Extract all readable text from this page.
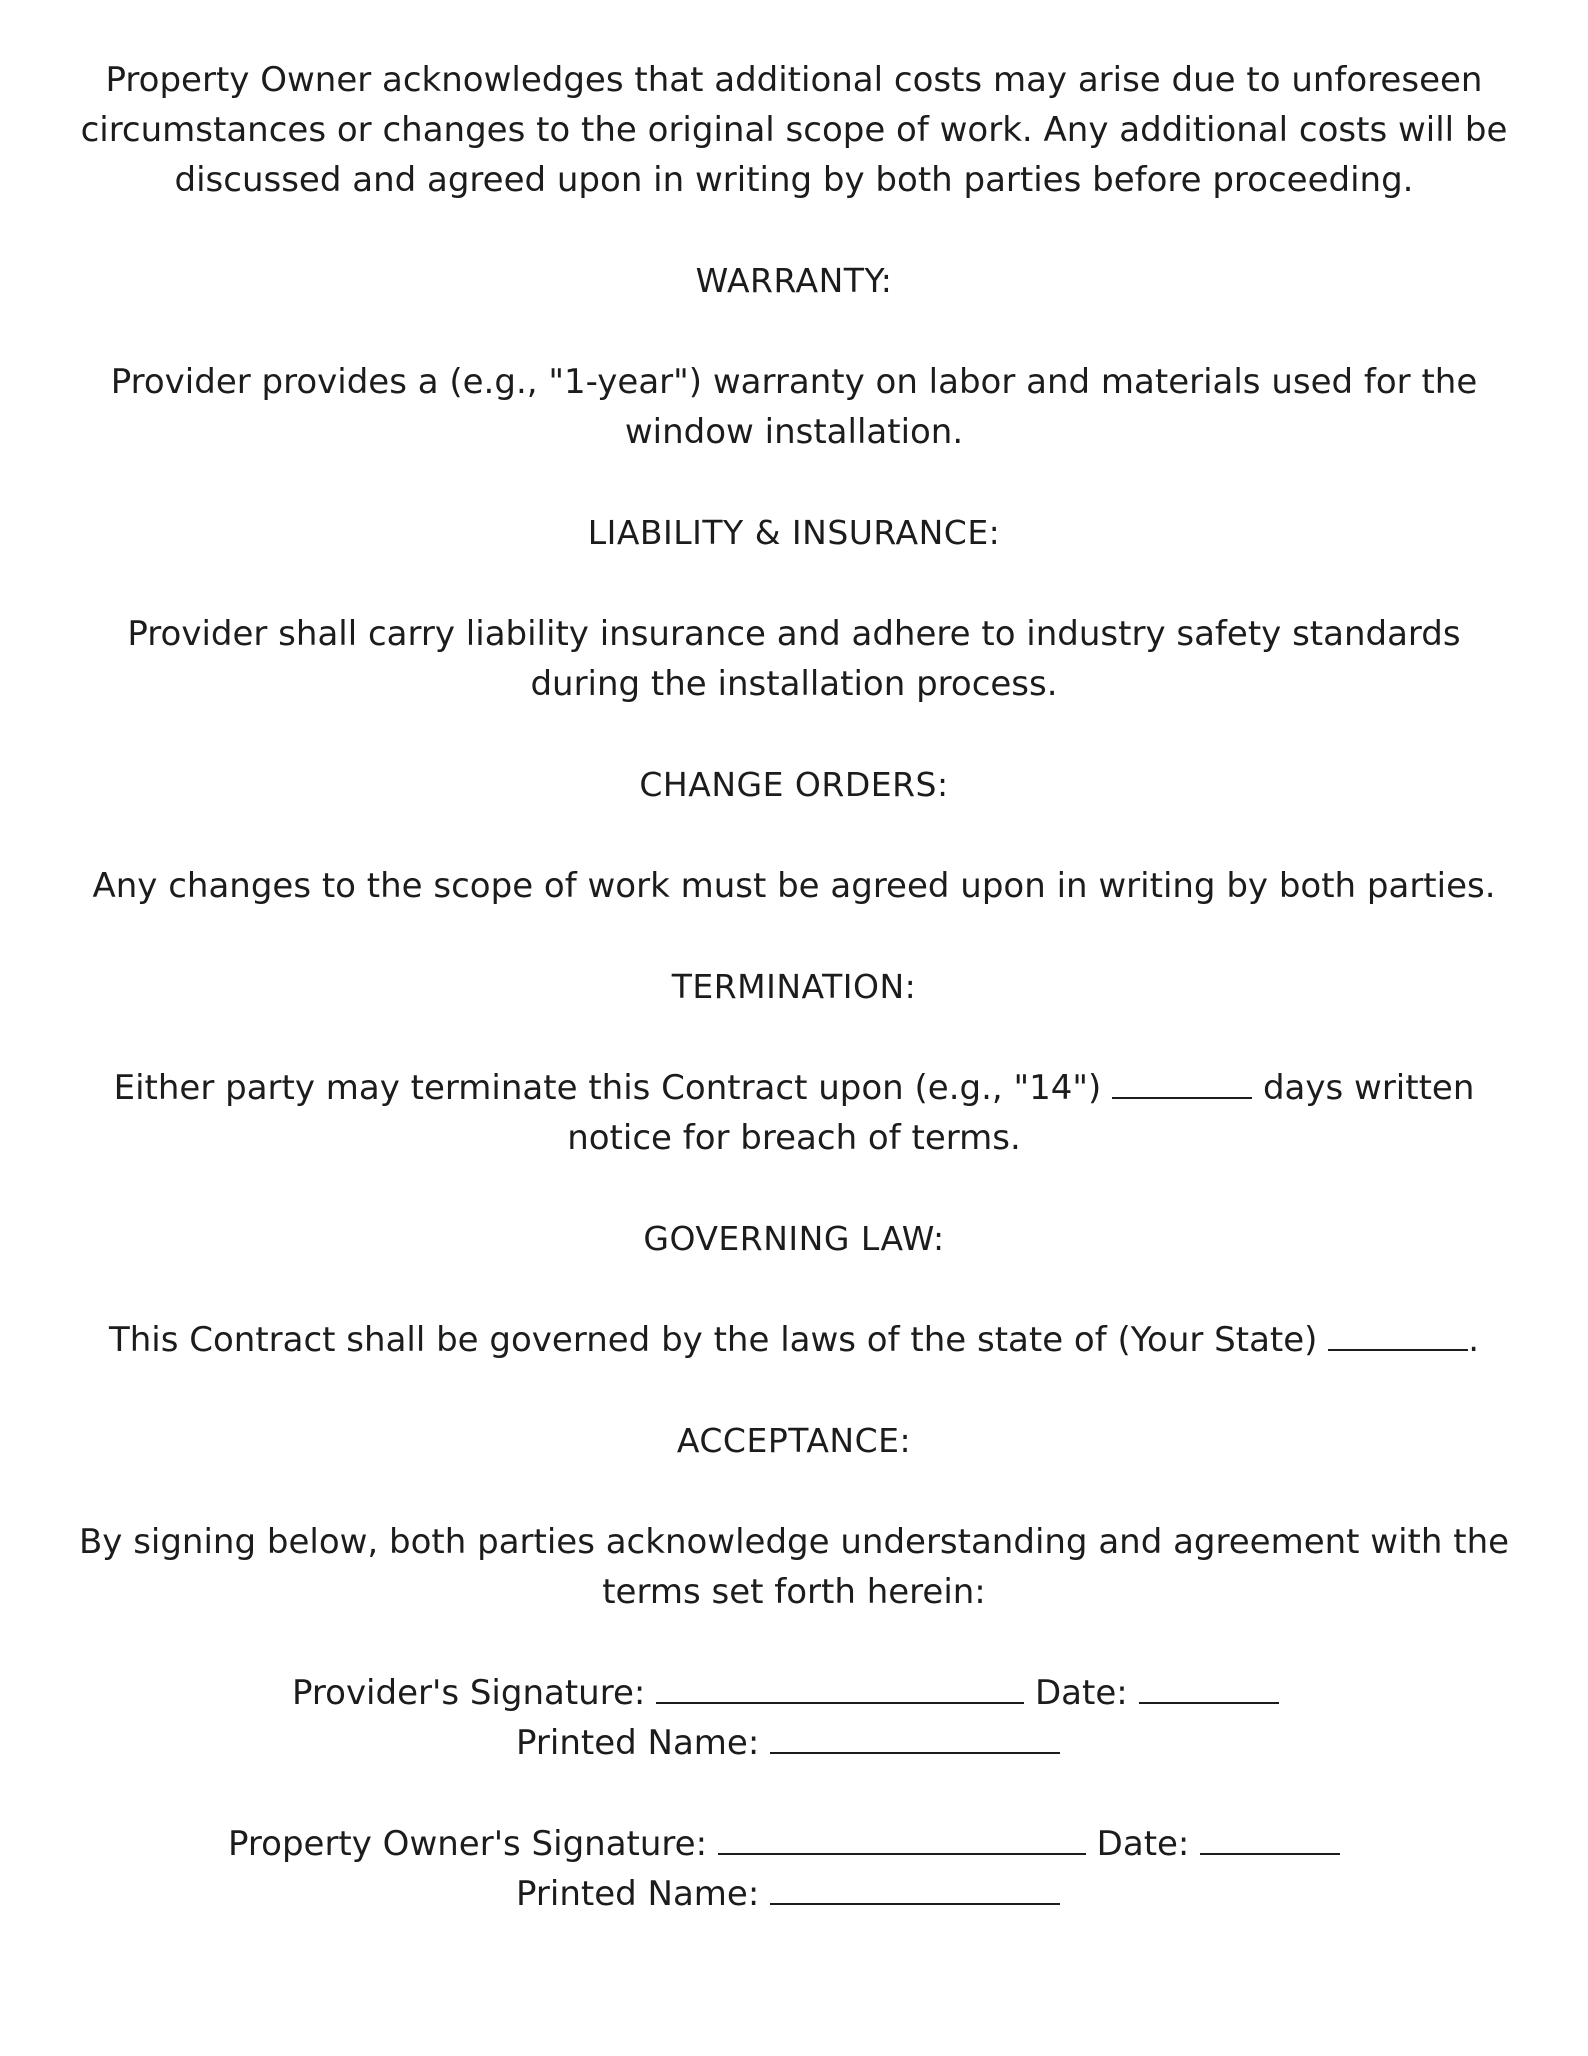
Property Owner acknowledges that additional costs may arise due to unforeseen
circumstances or changes to the original scope of work. Any additional costs will be
discussed and agreed upon in writing by both parties before proceeding.
WARRANTY:
Provider provides a (e.g., "1-year") warranty on labor and materials used for the
window installation.
LIABILITY & INSURANCE:
Provider shall carry liability insurance and adhere to industry safety standards
during the installation process.
CHANGE ORDERS:
Any changes to the scope of work must be agreed upon in writing by both parties.
TERMINATION:
Either party may terminate this Contract upon (e.g., "14")	days written
notice for breach of terms.
GOVERNING LAW:
This Contract shall be governed by the laws of the state of (Your State)	.
ACCEPTANCE:
By signing below, both parties acknowledge understanding and agreement with the
terms set forth herein:
Provider's Signature:	Date:
Printed Name:
Property Owner's Signature:	Date:
Printed Name:
